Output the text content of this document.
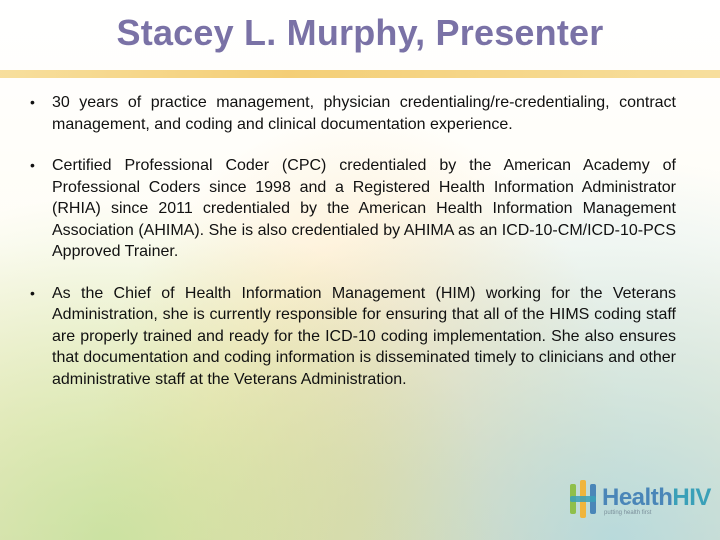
Stacey L. Murphy, Presenter
• 30 years of practice management, physician credentialing/re-credentialing, contract management, and coding and clinical documentation experience.
• Certified Professional Coder (CPC) credentialed by the American Academy of Professional Coders since 1998 and a Registered Health Information Administrator (RHIA) since 2011 credentialed by the American Health Information Management Association (AHIMA). She is also credentialed by AHIMA as an ICD-10-CM/ICD-10-PCS Approved Trainer.
• As the Chief of Health Information Management (HIM) working for the Veterans Administration, she is currently responsible for ensuring that all of the HIMS coding staff are properly trained and ready for the ICD-10 coding implementation. She also ensures that documentation and coding information is disseminated timely to clinicians and other administrative staff at the Veterans Administration.
HealthHIV
putting health first
